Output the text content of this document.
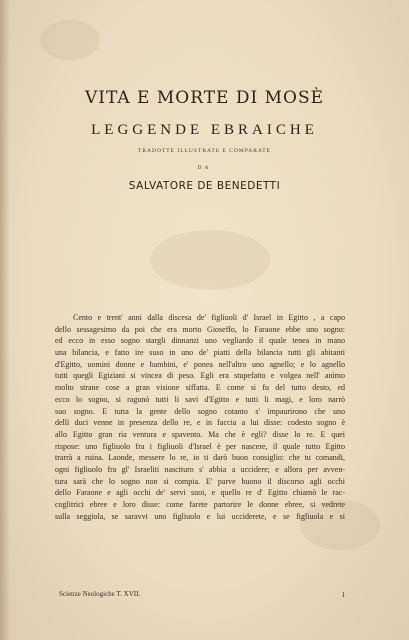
VITA E MORTE DI MOSÈ
LEGGENDE EBRAICHE
TRADOTTE ILLUSTRATE E COMPARATE
DA
SALVATORE DE BENEDETTI
Cento e trent' anni dalla discesa de' figliuoli d' Israel in Egitto , a capo
dello sessagesimo da poi che era morto Gioseffo, lo Faraone ebbe uno sogno:
ed ecco in esso sogno stargli dinnanzi uno vegliardo il quale tenea in mano
una bilancia, e fatto ire suso in uno de' piatti della bilancia tutti gli abitanti
d'Egitto, uomini donne e bambini, e' ponea nell'altro uno agnello; e lo agnello
tutti quegli Egiziani si vincea di peso. Egli era stupefatto e volgea nell' animo
molto strane cose a gran visione siffatta. E come si fu del tutto desto, ed
ecco lo sogno, si ragunò tutti li savi d'Egitto e tutti li magi, e loro narrò
suo sogno. E tutta la gente dello sogno cotanto s' impaurirono che uno
delli duci venne in presenza dello re, e in faccia a lui disse: codesto sogno è
allo Egitto gran ria ventura e spavento. Ma che è egli? disse lo re. E quei
rispose: uno figliuolo fra i figliuoli d'Israel è per nascere, il quale tutto Egitto
trarrà a ruina. Laonde, messere lo re, io ti darò buon consiglio: che tu comandi,
ogni figliuolo fra gl' Israeliti nascituro s' abbia a uccidere; e allora per avven-
tura sarà che lo sogno non si compia. E' parve buono il discorso agli occhi
dello Faraone e agli occhi de' servi suoi, e quello re d' Egitto chiamò le rac-
coglitrici ebree e loro disse: come farete partorire le donne ebree, si vedrete
sulla seggiola, se saravvi uno figliuolo e lui ucciderete, e se figliuola e si
Scienze Neologiche T. XVII.	1
